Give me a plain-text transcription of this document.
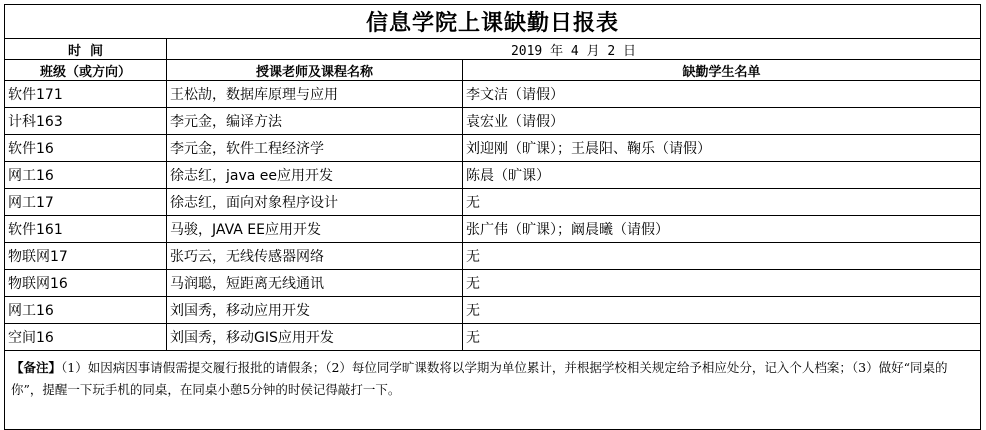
信息学院上课缺勤日报表		
时  间	2019 年 4 月 2 日	
班级（或方向）	授课老师及课程名称	缺勤学生名单
软件171	王松劼，数据库原理与应用	李文洁（请假）
计科163	李元金，编译方法	袁宏业（请假）
软件16	李元金，软件工程经济学	刘迎刚（旷课）；王晨阳、鞠乐（请假）
网工16	徐志红，java ee应用开发	陈晨（旷课）
网工17	徐志红，面向对象程序设计	无
软件161	马骏，JAVA EE应用开发	张广伟（旷课）；阚晨曦（请假）
物联网17	张巧云，无线传感器网络	无
物联网16	马润聪，短距离无线通讯	无
网工16	刘国秀，移动应用开发	无
空间16	刘国秀，移动GIS应用开发	无
【备注】（1）如因病因事请假需提交履行报批的请假条；（2）每位同学旷课数将以学期为单位累计，并根据学校相关规定给予相应处分，记入个人档案；（3）做好“同桌的你”，提醒一下玩手机的同桌，在同桌小憩5分钟的时侯记得敲打一下。		
